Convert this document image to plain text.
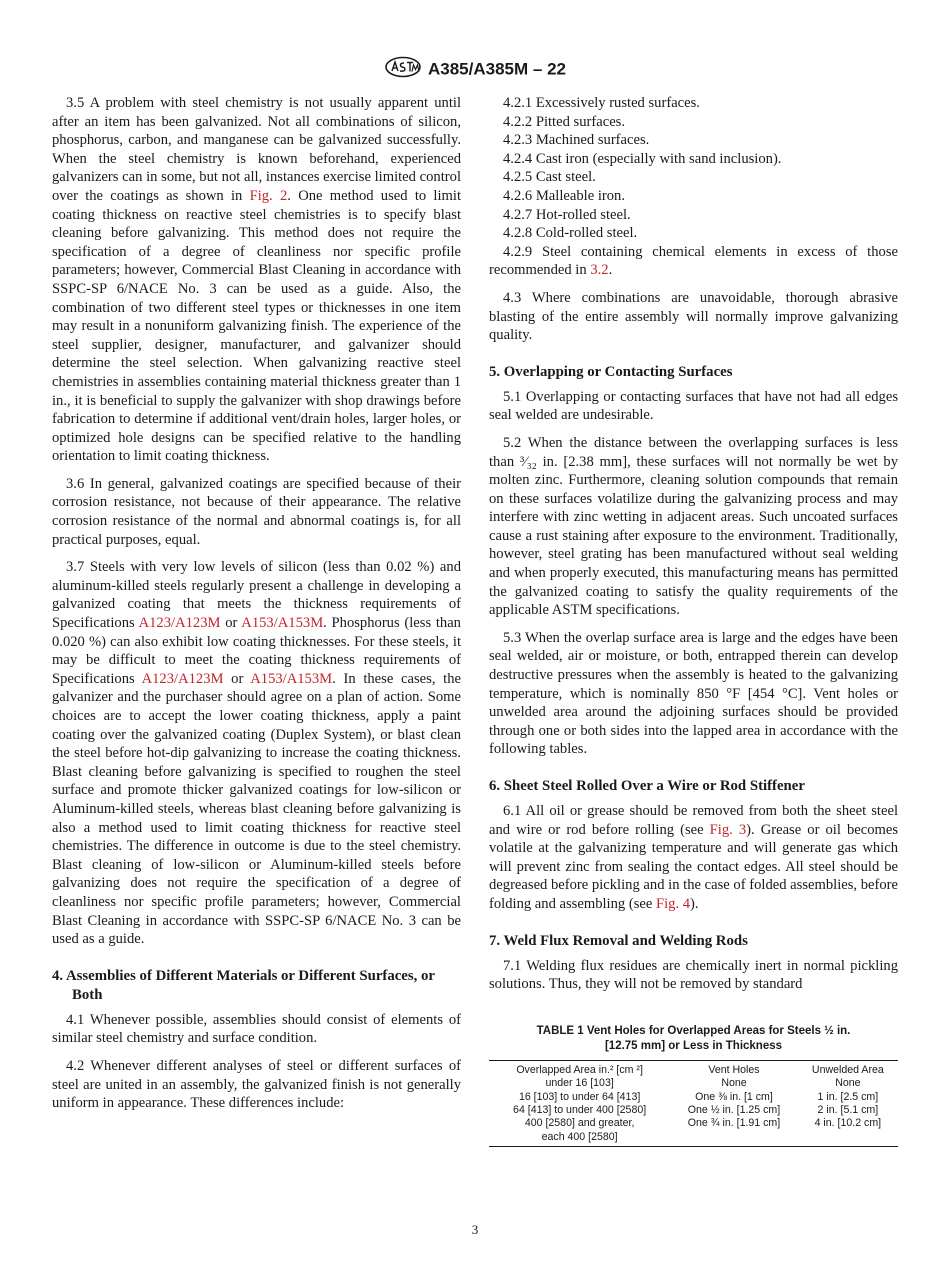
A385/A385M – 22

3.5 A problem with steel chemistry is not usually apparent until after an item has been galvanized. Not all combinations of silicon, phosphorus, carbon, and manganese can be galvanized successfully. When the steel chemistry is known beforehand, experienced galvanizers can in some, but not all, instances exercise limited control over the coatings as shown in Fig. 2. One method used to limit coating thickness on reactive steel chemistries is to specify blast cleaning before galvanizing. This method does not require the specification of a degree of cleanliness nor specific profile parameters; however, Commercial Blast Cleaning in accordance with SSPC-SP 6/NACE No. 3 can be used as a guide. Also, the combination of two different steel types or thicknesses in one item may result in a nonuniform galvanizing finish. The experience of the steel supplier, designer, manufacturer, and galvanizer should determine the steel selection. When galvanizing reactive steel chemistries in assemblies containing material thickness greater than 1 in., it is beneficial to supply the galvanizer with shop drawings before fabrication to determine if additional vent/drain holes, larger holes, or optimized hole designs can be specified relative to the handling orientation to limit coating thickness.

3.6 In general, galvanized coatings are specified because of their corrosion resistance, not because of their appearance. The relative corrosion resistance of the normal and abnormal coatings is, for all practical purposes, equal.

3.7 Steels with very low levels of silicon (less than 0.02 %) and aluminum-killed steels regularly present a challenge in developing a galvanized coating that meets the thickness requirements of Specifications A123/A123M or A153/A153M. Phosphorus (less than 0.020 %) can also exhibit low coating thicknesses. For these steels, it may be difficult to meet the coating thickness requirements of Specifications A123/A123M or A153/A153M. In these cases, the galvanizer and the purchaser should agree on a plan of action. Some choices are to accept the lower coating thickness, apply a paint coating over the galvanized coating (Duplex System), or blast clean the steel before hot-dip galvanizing to increase the coating thickness. Blast cleaning before galvanizing is specified to roughen the steel surface and promote thicker galvanized coatings for low-silicon or Aluminum-killed steels, whereas blast cleaning before galvanizing is also a method used to limit coating thickness for reactive steel chemistries. The difference in outcome is due to the steel chemistry. Blast cleaning of low-silicon or Aluminum-killed steels before galvanizing does not require the specification of a degree of cleanliness nor specific profile parameters; however, Commercial Blast Cleaning in accordance with SSPC-SP 6/NACE No. 3 can be used as a guide.

4. Assemblies of Different Materials or Different Surfaces, or Both

4.1 Whenever possible, assemblies should consist of elements of similar steel chemistry and surface condition.

4.2 Whenever different analyses of steel or different surfaces of steel are united in an assembly, the galvanized finish is not generally uniform in appearance. These differences include:

4.2.1 Excessively rusted surfaces.
4.2.2 Pitted surfaces.
4.2.3 Machined surfaces.
4.2.4 Cast iron (especially with sand inclusion).
4.2.5 Cast steel.
4.2.6 Malleable iron.
4.2.7 Hot-rolled steel.
4.2.8 Cold-rolled steel.

4.2.9 Steel containing chemical elements in excess of those recommended in 3.2.

4.3 Where combinations are unavoidable, thorough abrasive blasting of the entire assembly will normally improve galvanizing quality.

5. Overlapping or Contacting Surfaces

5.1 Overlapping or contacting surfaces that have not had all edges seal welded are undesirable.

5.2 When the distance between the overlapping surfaces is less than ³⁄₃₂ in. [2.38 mm], these surfaces will not normally be wet by molten zinc. Furthermore, cleaning solution compounds that remain on these surfaces volatilize during the galvanizing process and may interfere with zinc wetting in adjacent areas. Such uncoated surfaces cause a rust staining after exposure to the environment. Traditionally, however, steel grating has been manufactured without seal welding and when properly executed, this manufacturing means has permitted the galvanized coating to satisfy the quality requirements of the applicable ASTM specifications.

5.3 When the overlap surface area is large and the edges have been seal welded, air or moisture, or both, entrapped therein can develop destructive pressures when the assembly is heated to the galvanizing temperature, which is nominally 850 °F [454 °C]. Vent holes or unwelded area around the adjoining surfaces should be provided through one or both sides into the lapped area in accordance with the following tables.

6. Sheet Steel Rolled Over a Wire or Rod Stiffener

6.1 All oil or grease should be removed from both the sheet steel and wire or rod before rolling (see Fig. 3). Grease or oil becomes volatile at the galvanizing temperature and will generate gas which will prevent zinc from sealing the contact edges. All steel should be degreased before pickling and in the case of folded assemblies, before folding and assembling (see Fig. 4).

7. Weld Flux Removal and Welding Rods

7.1 Welding flux residues are chemically inert in normal pickling solutions. Thus, they will not be removed by standard

TABLE 1 Vent Holes for Overlapped Areas for Steels ½ in.
[12.75 mm] or Less in Thickness
Overlapped Area in.² [cm ²]	Vent Holes	Unwelded Area
under 16 [103]	None	None
16 [103] to under 64 [413]	One ⅜ in. [1 cm]	1 in. [2.5 cm]
64 [413] to under 400 [2580]	One ½ in. [1.25 cm]	2 in. [5.1 cm]
400 [2580] and greater,	One ¾ in. [1.91 cm]	4 in. [10.2 cm]
each 400 [2580]		
3
